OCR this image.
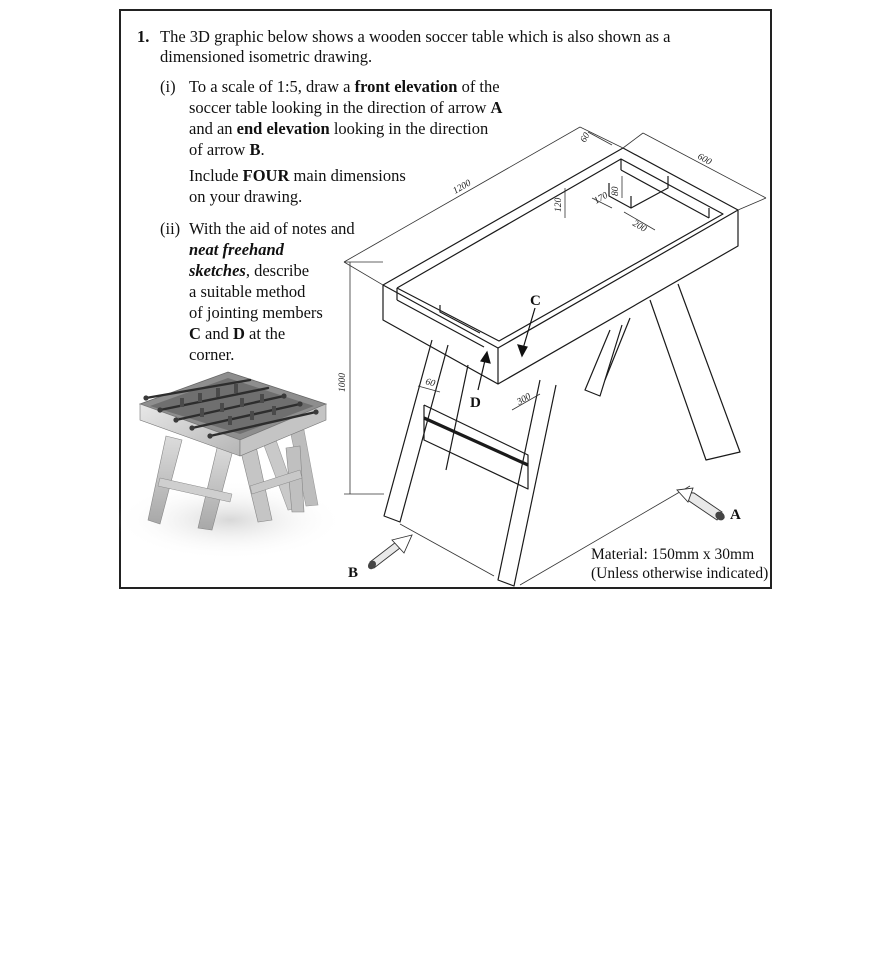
1. The 3D graphic below shows a wooden soccer table which is also shown as a
dimensioned isometric drawing.
(i) To a scale of 1:5, draw a front elevation of the
soccer table looking in the direction of arrow A
and an end elevation looking in the direction
of arrow B.
Include FOUR main dimensions
on your drawing.
(ii) With the aid of notes and
neat freehand
sketches, describe
a suitable method
of jointing members
C and D at the
corner.
1200
600
60
120	170 80
200
1000	60
300
C
D
A
B
Material: 150mm x 30mm
(Unless otherwise indicated)
